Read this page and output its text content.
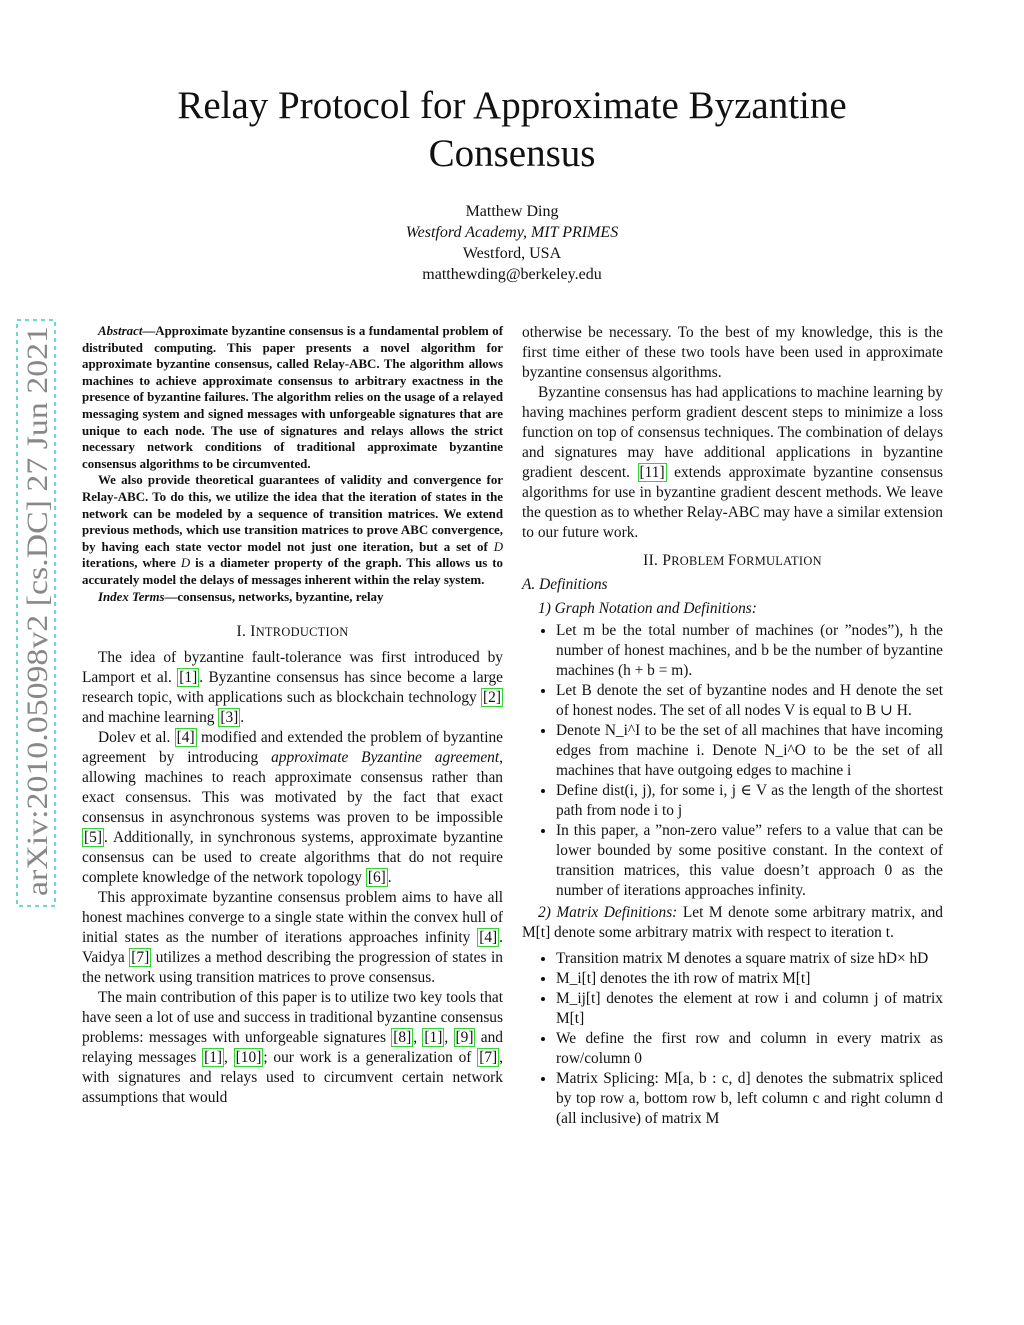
arXiv:2010.05098v2 [cs.DC] 27 Jun 2021
Relay Protocol for Approximate Byzantine Consensus
Matthew Ding
Westford Academy, MIT PRIMES
Westford, USA
matthewding@berkeley.edu

Abstract—Approximate byzantine consensus is a fundamental problem of distributed computing. This paper presents a novel algorithm for approximate byzantine consensus, called Relay-ABC. The algorithm allows machines to achieve approximate consensus to arbitrary exactness in the presence of byzantine failures. The algorithm relies on the usage of a relayed messaging system and signed messages with unforgeable signatures that are unique to each node. The use of signatures and relays allows the strict necessary network conditions of traditional approximate byzantine consensus algorithms to be circumvented.

We also provide theoretical guarantees of validity and convergence for Relay-ABC. To do this, we utilize the idea that the iteration of states in the network can be modeled by a sequence of transition matrices. We extend previous methods, which use transition matrices to prove ABC convergence, by having each state vector model not just one iteration, but a set of D iterations, where D is a diameter property of the graph. This allows us to accurately model the delays of messages inherent within the relay system.

Index Terms—consensus, networks, byzantine, relay

I. INTRODUCTION

The idea of byzantine fault-tolerance was first introduced by Lamport et al. [1] . Byzantine consensus has since become a large research topic, with applications such as blockchain technology [2] and machine learning [3] .

Dolev et al. [4] modified and extended the problem of byzantine agreement by introducing approximate Byzantine agreement, allowing machines to reach approximate consensus rather than exact consensus. This was motivated by the fact that exact consensus in asynchronous systems was proven to be impossible [5] . Additionally, in synchronous systems, approximate byzantine consensus can be used to create algorithms that do not require complete knowledge of the network topology [6] .

This approximate byzantine consensus problem aims to have all honest machines converge to a single state within the convex hull of initial states as the number of iterations approaches infinity [4] . Vaidya [7] utilizes a method describing the progression of states in the network using transition matrices to prove consensus.

The main contribution of this paper is to utilize two key tools that have seen a lot of use and success in traditional byzantine consensus problems: messages with unforgeable signatures [8] , [1] , [9] and relaying messages [1] , [10] ; our work is a generalization of [7] , with signatures and relays used to circumvent certain network assumptions that would

otherwise be necessary. To the best of my knowledge, this is the first time either of these two tools have been used in approximate byzantine consensus algorithms.

Byzantine consensus has had applications to machine learning by having machines perform gradient descent steps to minimize a loss function on top of consensus techniques. The combination of delays and signatures may have additional applications in byzantine gradient descent. [11] extends approximate byzantine consensus algorithms for use in byzantine gradient descent methods. We leave the question as to whether Relay-ABC may have a similar extension to our future work.

II. PROBLEM FORMULATION
A. Definitions
1) Graph Notation and Definitions:
• Let m be the total number of machines (or ”nodes”), h the number of honest machines, and b be the number of byzantine machines (h + b = m).
• Let B denote the set of byzantine nodes and H denote the set of honest nodes. The set of all nodes V is equal to B ∪ H.
• Denote N_i^I to be the set of all machines that have incoming edges from machine i. Denote N_i^O to be the set of all machines that have outgoing edges to machine i
• Define dist(i, j), for some i, j ∈ V as the length of the shortest path from node i to j
• In this paper, a ”non-zero value” refers to a value that can be lower bounded by some positive constant. In the context of transition matrices, this value doesn’t approach 0 as the number of iterations approaches infinity.

2) Matrix Definitions: Let M denote some arbitrary matrix, and M[t] denote some arbitrary matrix with respect to iteration t.

• Transition matrix M denotes a square matrix of size hD× hD
• M_i[t] denotes the ith row of matrix M[t]
• M_ij[t] denotes the element at row i and column j of matrix M[t]
• We define the first row and column in every matrix as row/column 0
• Matrix Splicing: M[a, b : c, d] denotes the submatrix spliced by top row a, bottom row b, left column c and right column d (all inclusive) of matrix M
